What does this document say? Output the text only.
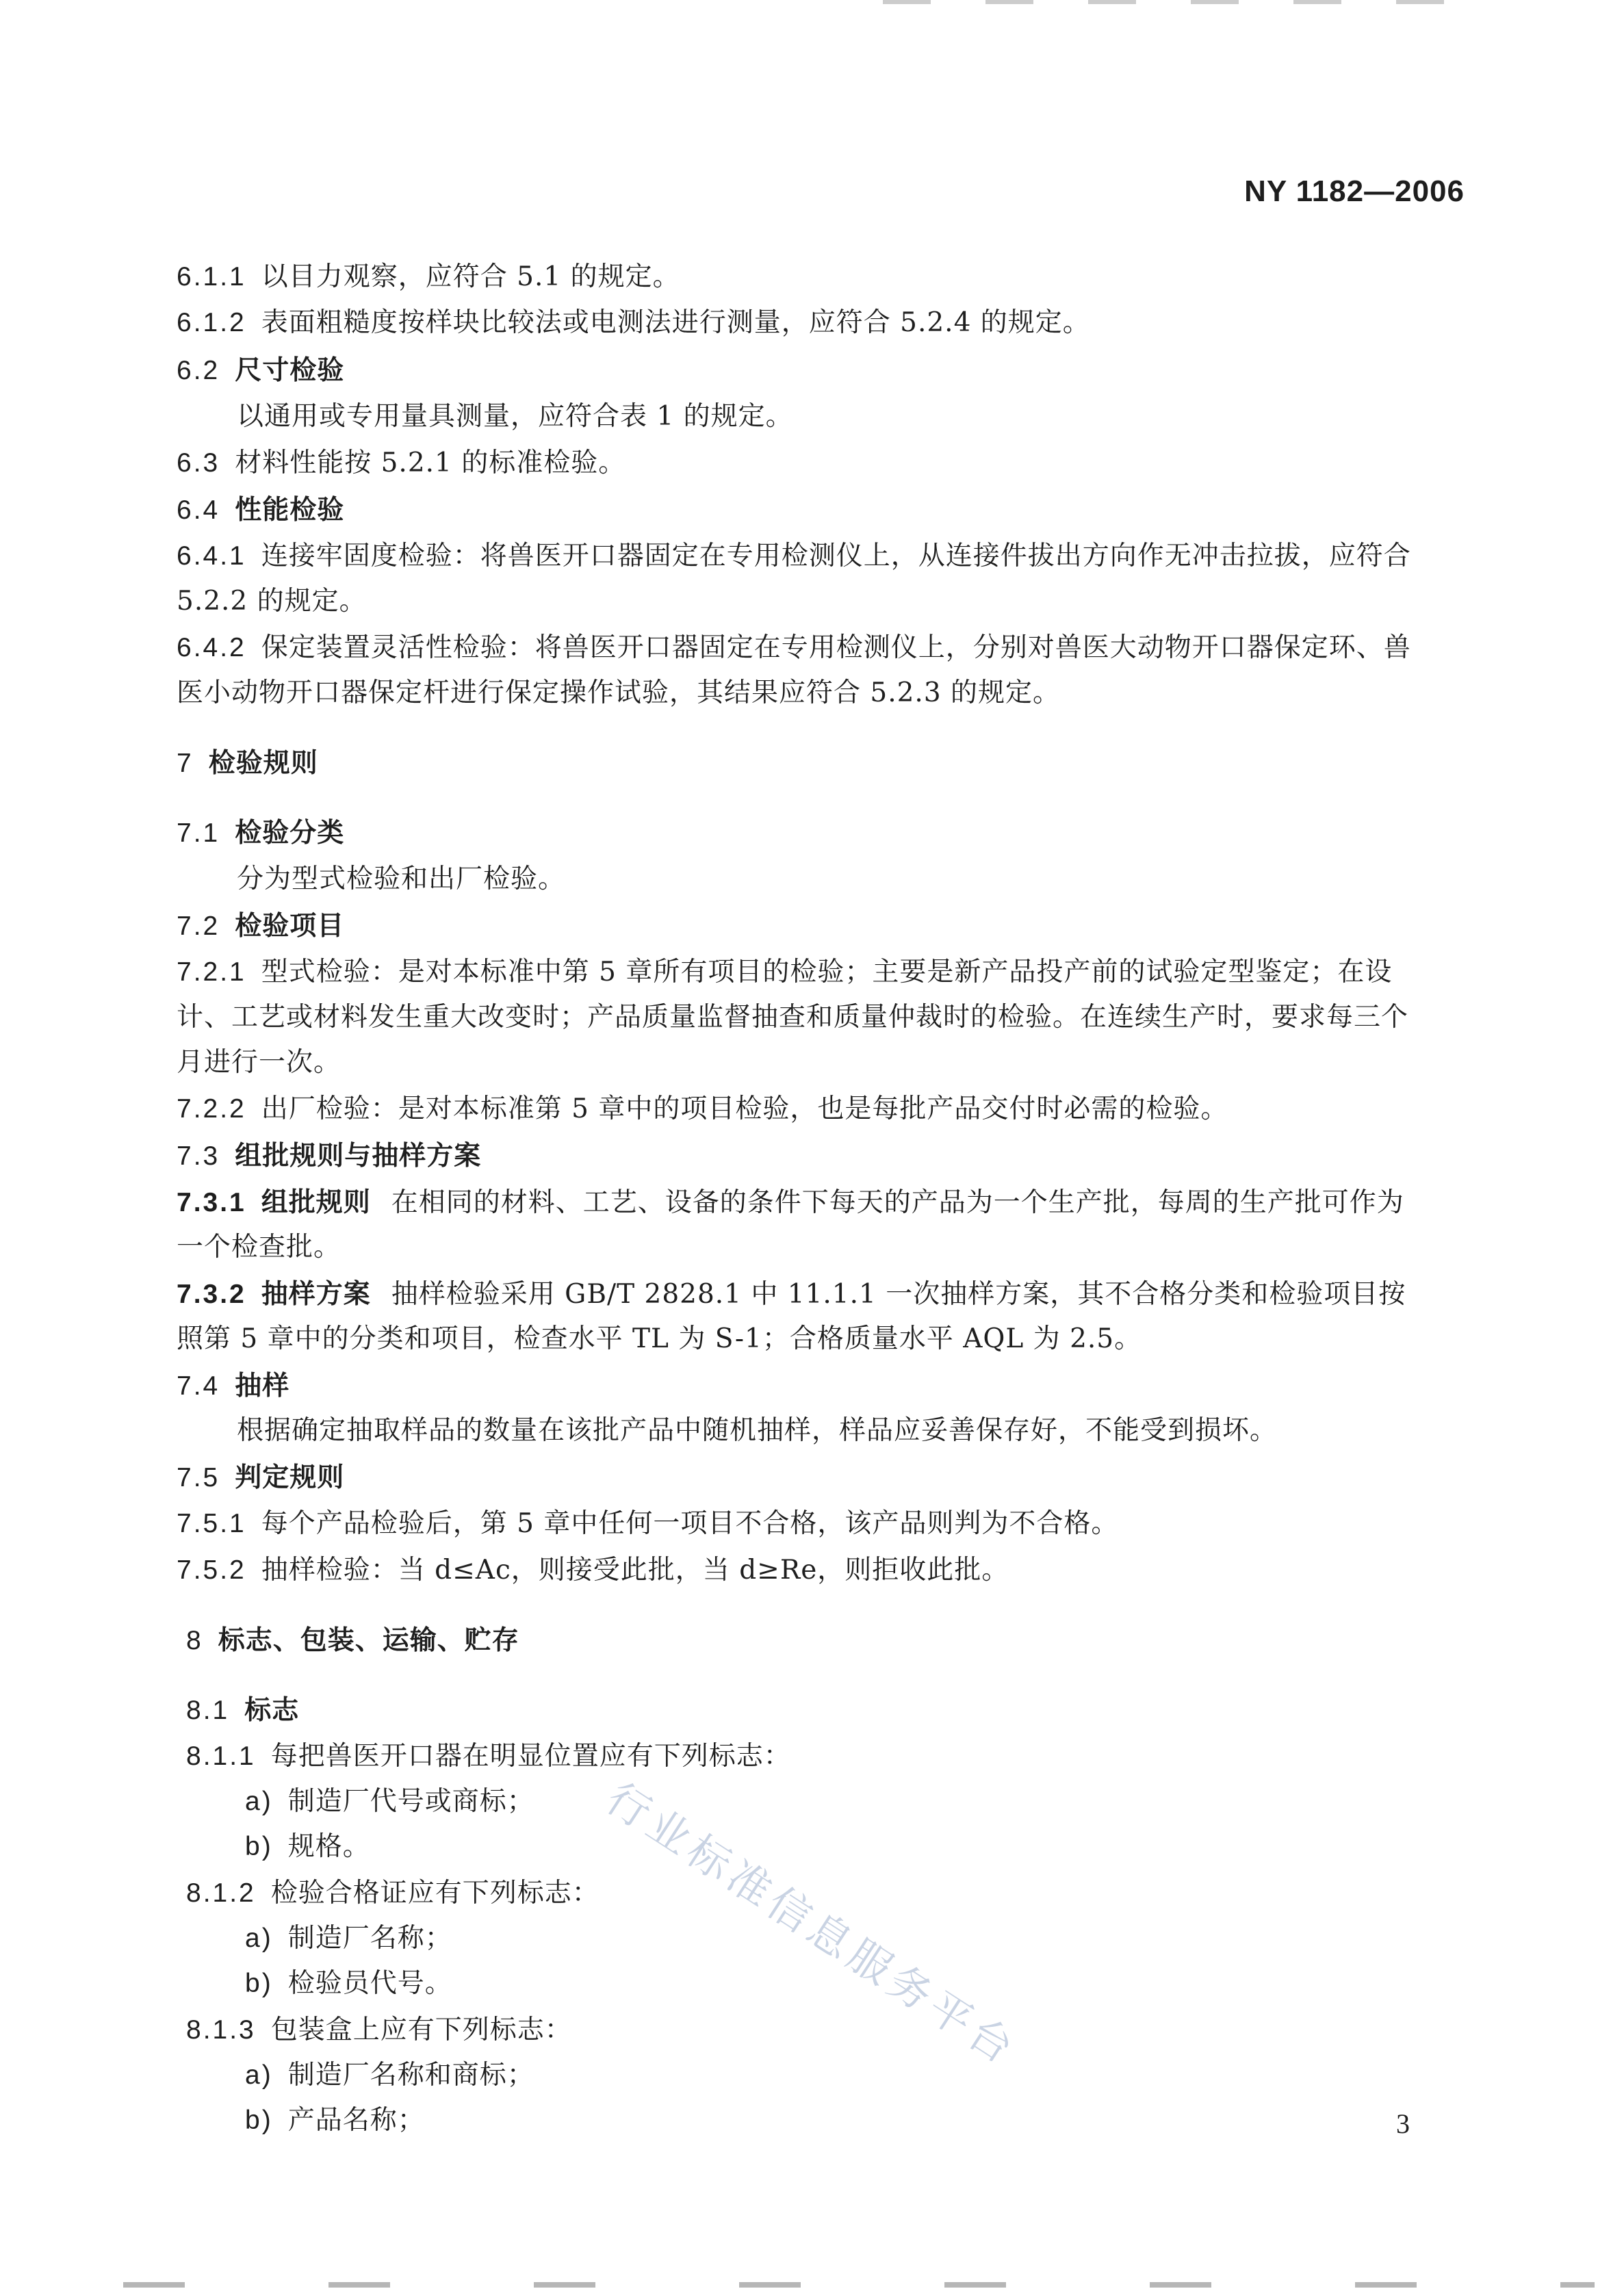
NY 1182—2006
6.1.1 以目力观察，应符合 5.1 的规定。
6.1.2 表面粗糙度按样块比较法或电测法进行测量，应符合 5.2.4 的规定。
6.2 尺寸检验
以通用或专用量具测量，应符合表 1 的规定。
6.3 材料性能按 5.2.1 的标准检验。
6.4 性能检验
6.4.1 连接牢固度检验：将兽医开口器固定在专用检测仪上，从连接件拔出方向作无冲击拉拔，应符合
5.2.2 的规定。
6.4.2 保定装置灵活性检验：将兽医开口器固定在专用检测仪上，分别对兽医大动物开口器保定环、兽
医小动物开口器保定杆进行保定操作试验，其结果应符合 5.2.3 的规定。
7 检验规则
7.1 检验分类
分为型式检验和出厂检验。
7.2 检验项目
7.2.1 型式检验：是对本标准中第 5 章所有项目的检验；主要是新产品投产前的试验定型鉴定；在设
计、工艺或材料发生重大改变时；产品质量监督抽查和质量仲裁时的检验。在连续生产时，要求每三个
月进行一次。
7.2.2 出厂检验：是对本标准第 5 章中的项目检验，也是每批产品交付时必需的检验。
7.3 组批规则与抽样方案
7.3.1 组批规则 在相同的材料、工艺、设备的条件下每天的产品为一个生产批，每周的生产批可作为
一个检查批。
7.3.2 抽样方案 抽样检验采用 GB/T 2828.1 中 11.1.1 一次抽样方案，其不合格分类和检验项目按
照第 5 章中的分类和项目，检查水平 TL 为 S-1；合格质量水平 AQL 为 2.5。
7.4 抽样
根据确定抽取样品的数量在该批产品中随机抽样，样品应妥善保存好，不能受到损坏。
7.5 判定规则
7.5.1 每个产品检验后，第 5 章中任何一项目不合格，该产品则判为不合格。
7.5.2 抽样检验：当 d≤Ac，则接受此批，当 d≥Re，则拒收此批。
8 标志、包装、运输、贮存
8.1 标志
8.1.1 每把兽医开口器在明显位置应有下列标志：
a) 制造厂代号或商标；
b) 规格。
8.1.2 检验合格证应有下列标志：
a) 制造厂名称；
b) 检验员代号。
8.1.3 包装盒上应有下列标志：
a) 制造厂名称和商标；
b) 产品名称；
行业标准信息服务平台
3
